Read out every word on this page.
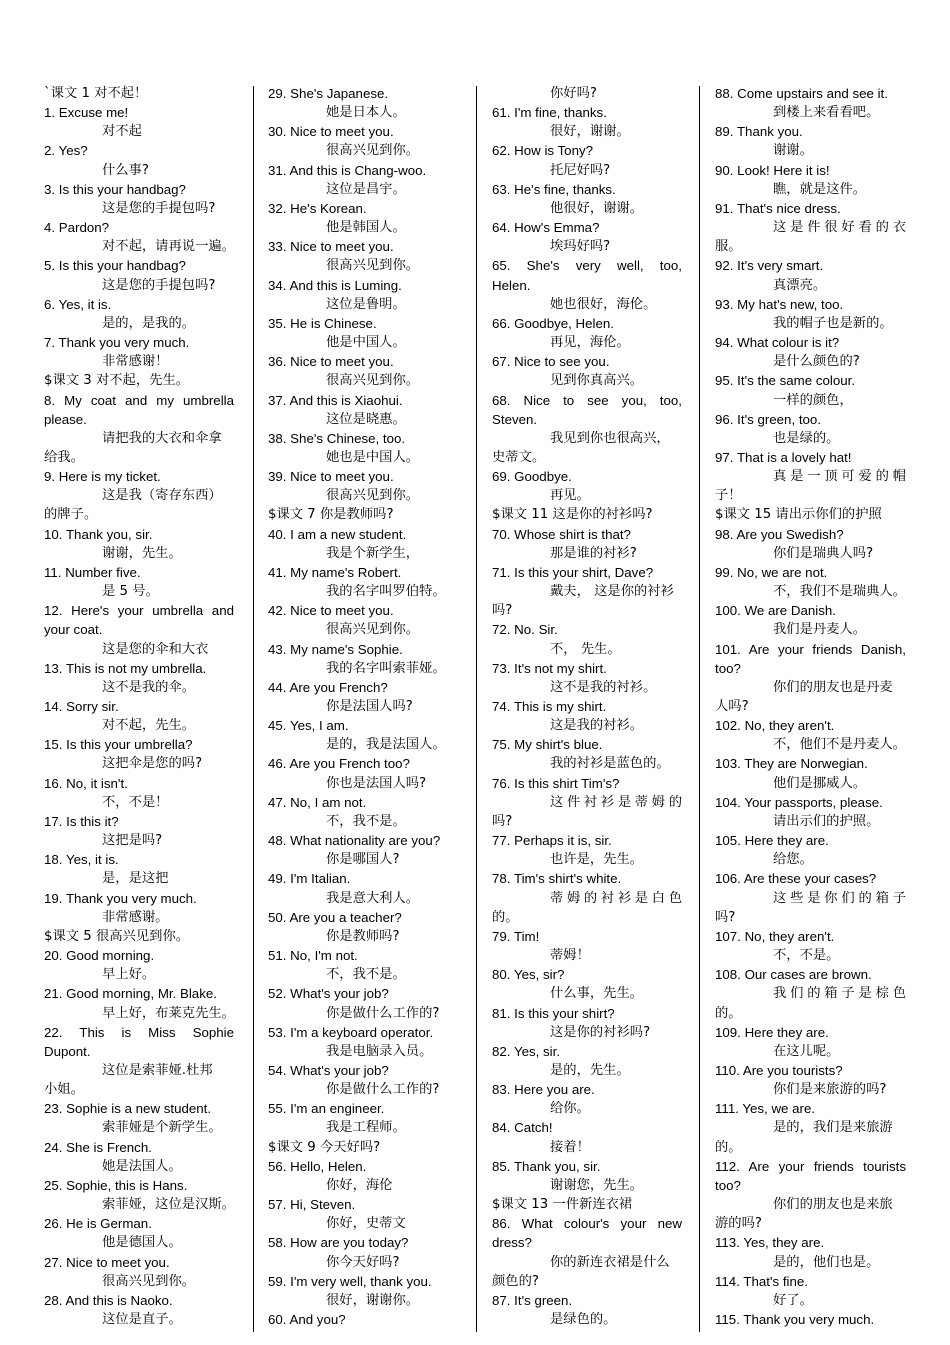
`课文 1 对不起！
1. Excuse me!
对不起
2. Yes?
什么事?
3. Is this your handbag?
这是您的手提包吗?
4. Pardon?
对不起，请再说一遍。
5. Is this your handbag?
这是您的手提包吗?
6. Yes, it is.
是的，是我的。
7. Thank you very much.
非常感谢！
$课文 3 对不起，先生。
8. My coat and my umbrella
please.
请把我的大衣和伞拿
给我。
9. Here is my ticket.
这是我（寄存东西）
的牌子。
10. Thank you, sir.
谢谢，先生。
11. Number five.
是 5 号。
12. Here's your umbrella and
your coat.
这是您的伞和大衣
13. This is not my umbrella.
这不是我的伞。
14. Sorry sir.
对不起，先生。
15. Is this your umbrella?
这把伞是您的吗?
16. No, it isn't.
不，不是！
17. Is this it?
这把是吗?
18. Yes, it is.
是，是这把
19. Thank you very much.
非常感谢。
$课文 5 很高兴见到你。
20. Good morning.
早上好。
21. Good morning, Mr. Blake.
早上好，布莱克先生。
22. This is Miss Sophie
Dupont.
这位是索菲娅.杜邦
小姐。
23. Sophie is a new student.
索菲娅是个新学生。
24. She is French.
她是法国人。
25. Sophie, this is Hans.
索菲娅，这位是汉斯。
26. He is German.
他是德国人。
27. Nice to meet you.
很高兴见到你。
28. And this is Naoko.
这位是直子。
29. She's Japanese.
她是日本人。
30. Nice to meet you.
很高兴见到你。
31. And this is Chang-woo.
这位是昌宇。
32. He's Korean.
他是韩国人。
33. Nice to meet you.
很高兴见到你。
34. And this is Luming.
这位是鲁明。
35. He is Chinese.
他是中国人。
36. Nice to meet you.
很高兴见到你。
37. And this is Xiaohui.
这位是晓惠。
38. She's Chinese, too.
她也是中国人。
39. Nice to meet you.
很高兴见到你。
$课文 7 你是教师吗?
40. I am a new student.
我是个新学生，
41. My name's Robert.
我的名字叫罗伯特。
42. Nice to meet you.
很高兴见到你。
43. My name's Sophie.
我的名字叫索菲娅。
44. Are you French?
你是法国人吗?
45. Yes, I am.
是的，我是法国人。
46. Are you French too?
你也是法国人吗?
47. No, I am not.
不，我不是。
48. What nationality are you?
你是哪国人?
49. I'm Italian.
我是意大利人。
50. Are you a teacher?
你是教师吗?
51. No, I'm not.
不，我不是。
52. What's your job?
你是做什么工作的?
53. I'm a keyboard operator.
我是电脑录入员。
54. What's your job?
你是做什么工作的?
55. I'm an engineer.
我是工程师。
$课文 9 今天好吗?
56. Hello, Helen.
你好，海伦
57. Hi, Steven.
你好，史蒂文
58. How are you today?
你今天好吗?
59. I'm very well, thank you.
很好，谢谢你。
60. And you?
你好吗?
61. I'm fine, thanks.
很好，谢谢。
62. How is Tony?
托尼好吗?
63. He's fine, thanks.
他很好，谢谢。
64. How's Emma?
埃玛好吗?
65. She's very well, too,
Helen.
她也很好，海伦。
66. Goodbye, Helen.
再见，海伦。
67. Nice to see you.
见到你真高兴。
68. Nice to see you, too,
Steven.
我见到你也很高兴，
史蒂文。
69. Goodbye.
再见。
$课文 11 这是你的衬衫吗?
70. Whose shirt is that?
那是谁的衬衫?
71. Is this your shirt, Dave?
戴夫， 这是你的衬衫
吗?
72. No. Sir.
不， 先生。
73. It's not my shirt.
这不是我的衬衫。
74. This is my shirt.
这是我的衬衫。
75. My shirt's blue.
我的衬衫是蓝色的。
76. Is this shirt Tim's?
这件衬衫是蒂姆的
吗?
77. Perhaps it is, sir.
也许是，先生。
78. Tim's shirt's white.
蒂姆的衬衫是白色
的。
79. Tim!
蒂姆！
80. Yes, sir?
什么事，先生。
81. Is this your shirt?
这是你的衬衫吗?
82. Yes, sir.
是的，先生。
83. Here you are.
给你。
84. Catch!
接着！
85. Thank you, sir.
谢谢您，先生。
$课文 13 一件新连衣裙
86. What colour's your new
dress?
你的新连衣裙是什么
颜色的?
87. It's green.
是绿色的。
88. Come upstairs and see it.
到楼上来看看吧。
89. Thank you.
谢谢。
90. Look! Here it is!
瞧，就是这件。
91. That's nice dress.
这是件很好看的衣
服。
92. It's very smart.
真漂亮。
93. My hat's new, too.
我的帽子也是新的。
94. What colour is it?
是什么颜色的?
95. It's the same colour.
一样的颜色，
96. It's green, too.
也是绿的。
97. That is a lovely hat!
真是一顶可爱的帽
子！
$课文 15 请出示你们的护照
98. Are you Swedish?
你们是瑞典人吗?
99. No, we are not.
不，我们不是瑞典人。
100. We are Danish.
我们是丹麦人。
101. Are your friends Danish,
too?
你们的朋友也是丹麦
人吗?
102. No, they aren't.
不，他们不是丹麦人。
103. They are Norwegian.
他们是挪威人。
104. Your passports, please.
请出示们的护照。
105. Here they are.
给您。
106. Are these your cases?
这些是你们的箱子
吗?
107. No, they aren't.
不，不是。
108. Our cases are brown.
我们的箱子是棕色
的。
109. Here they are.
在这儿呢。
110. Are you tourists?
你们是来旅游的吗?
111. Yes, we are.
是的，我们是来旅游
的。
112. Are your friends tourists
too?
你们的朋友也是来旅
游的吗?
113. Yes, they are.
是的，他们也是。
114. That's fine.
好了。
115. Thank you very much.
